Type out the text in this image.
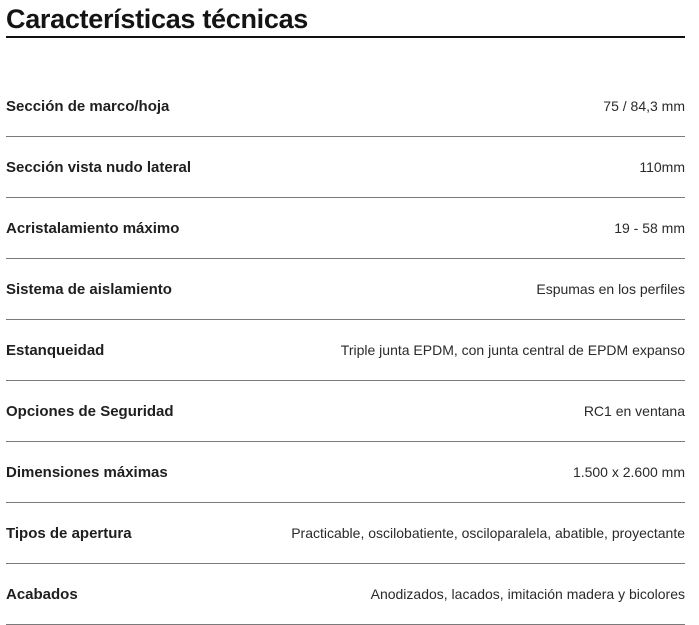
Características técnicas
Sección de marco/hoja	75 / 84,3 mm
Sección vista nudo lateral	110mm
Acristalamiento máximo	19 - 58 mm
Sistema de aislamiento	Espumas en los perfiles
Estanqueidad	Triple junta EPDM, con junta central de EPDM expanso
Opciones de Seguridad	RC1 en ventana
Dimensiones máximas	1.500 x 2.600 mm
Tipos de apertura	Practicable, oscilobatiente, osciloparalela, abatible, proyectante
Acabados	Anodizados, lacados, imitación madera y bicolores
